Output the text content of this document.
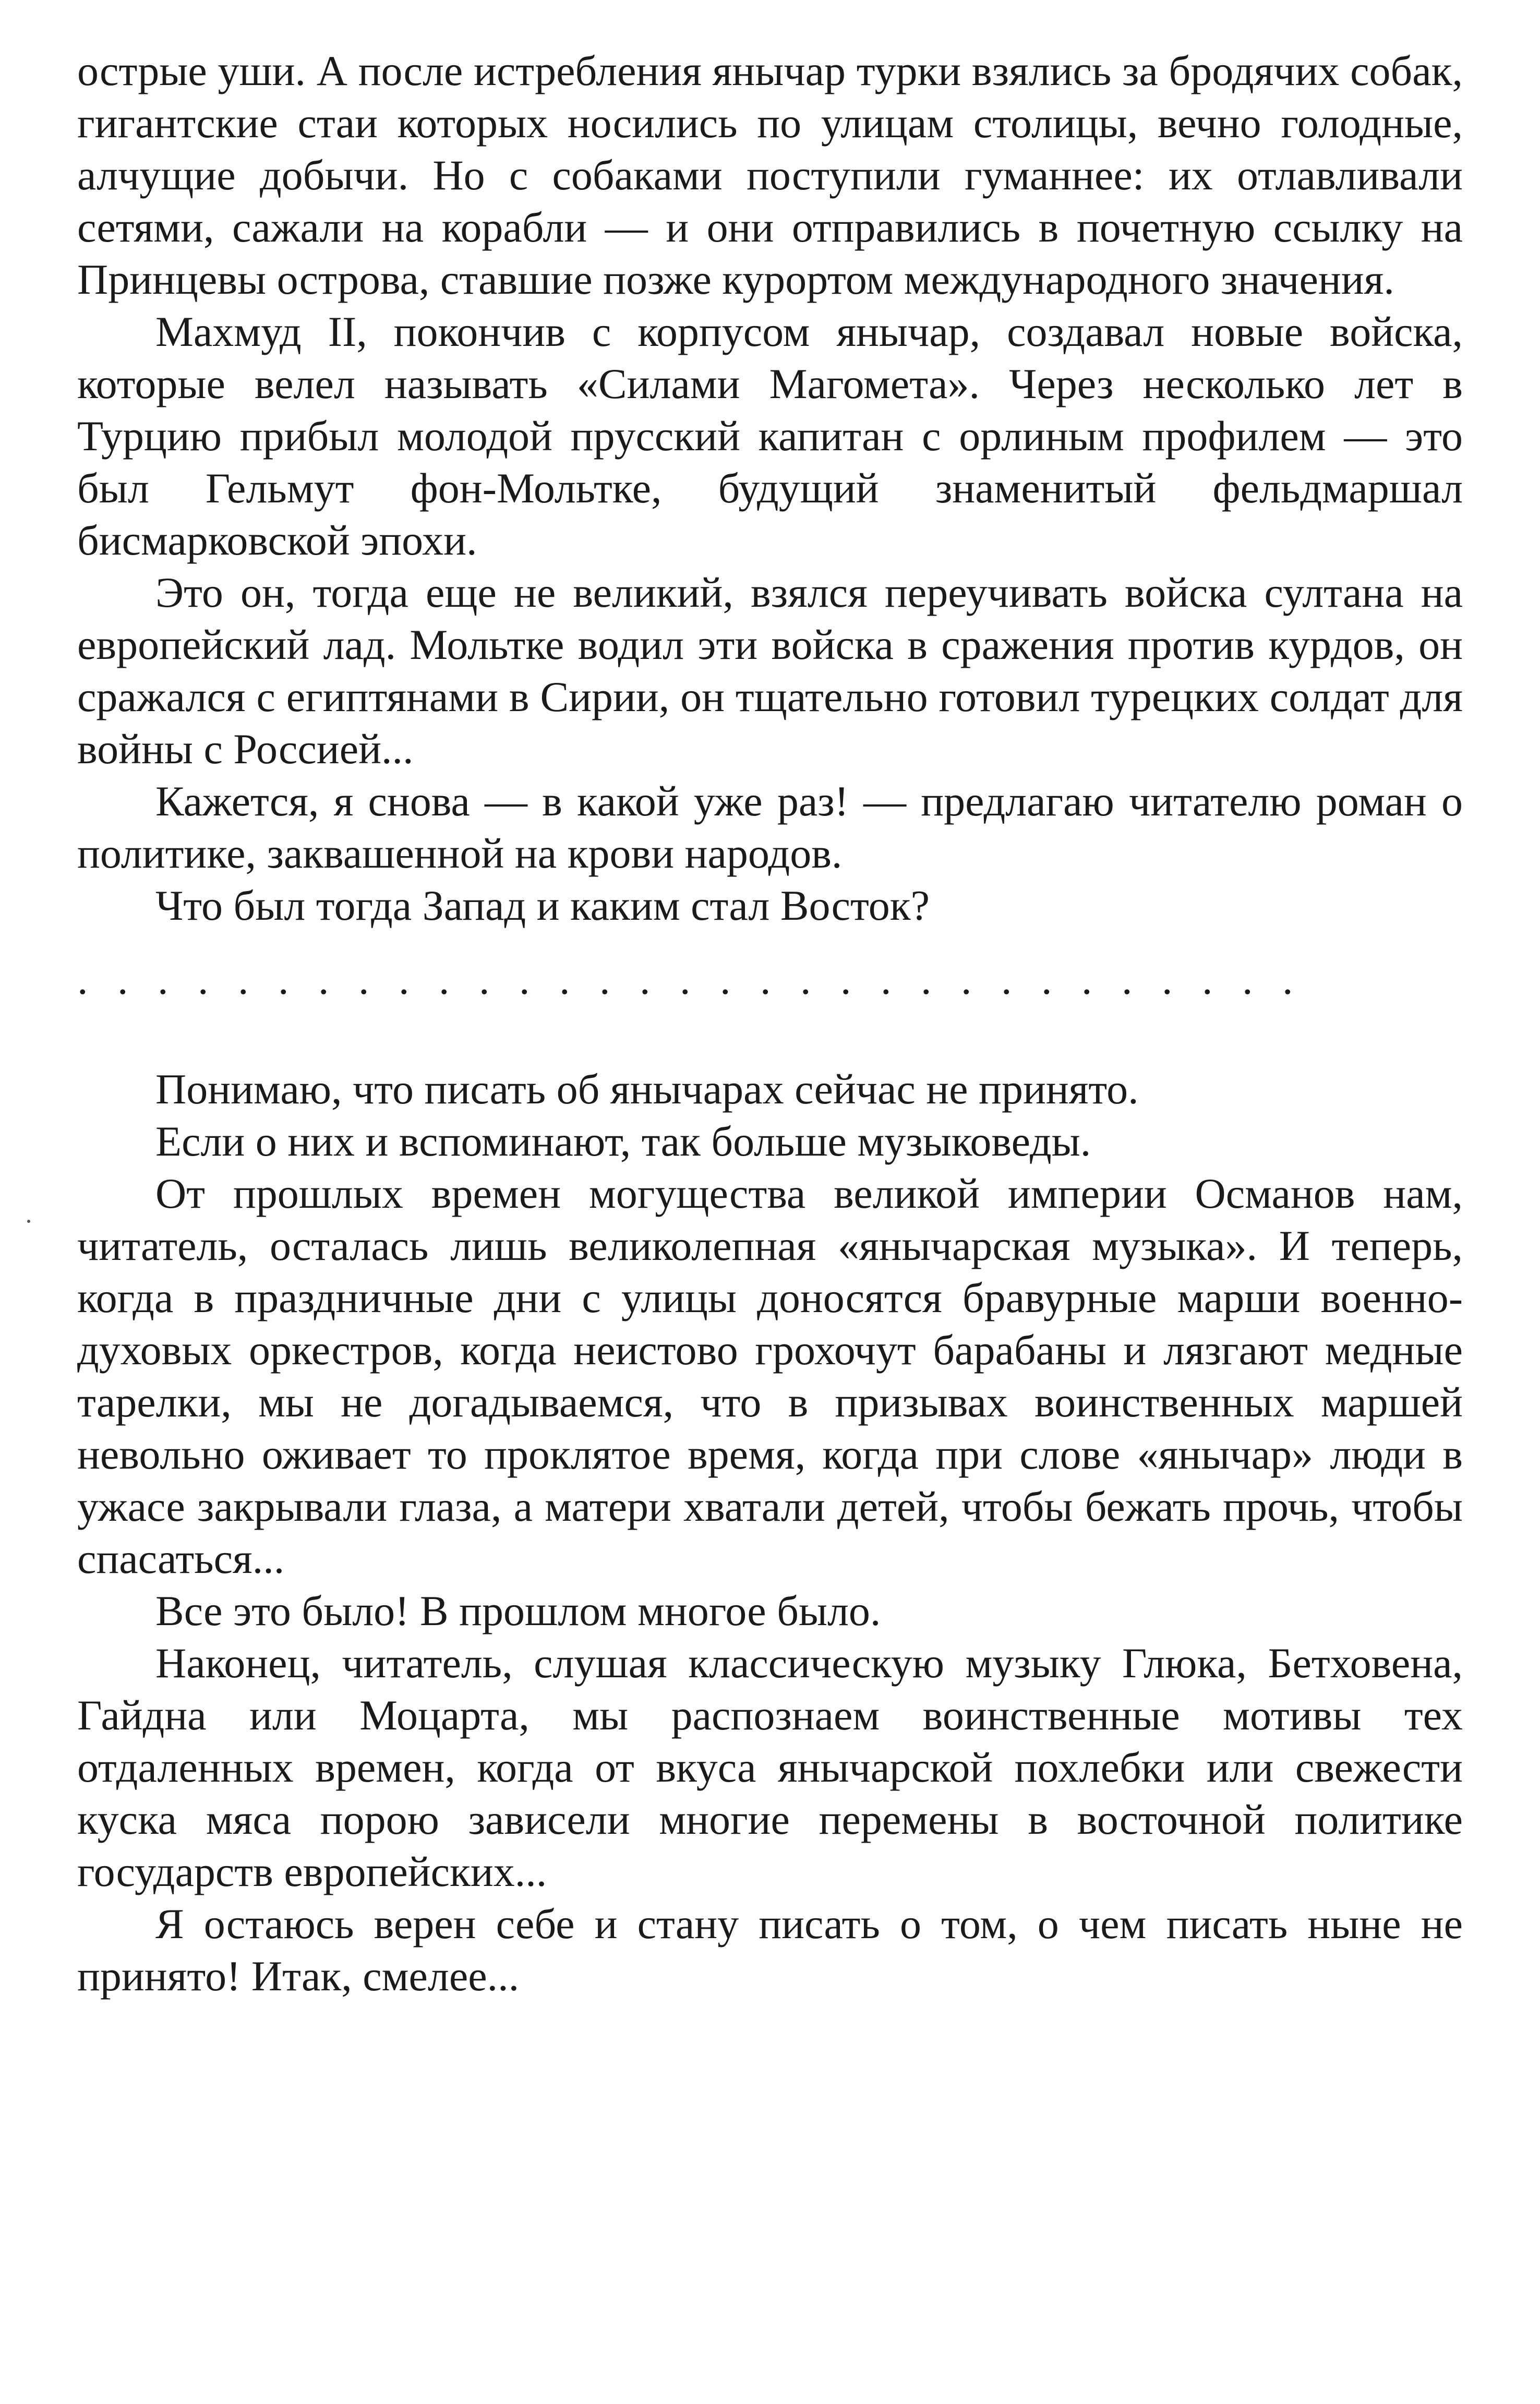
острые уши. А после истребления янычар турки взялись за бродячих собак, гигантские стаи которых носились по улицам столицы, вечно голодные, алчущие добычи. Но с собаками поступили гуманнее: их отлавливали сетями, сажали на корабли — и они отправились в почетную ссылку на Принцевы острова, ставшие позже курортом международного значения.

Махмуд II, покончив с корпусом янычар, создавал новые войска, которые велел называть «Силами Магомета». Через несколько лет в Турцию прибыл молодой прусский капитан с орлиным профилем — это был Гельмут фон-Мольтке, будущий знаменитый фельдмаршал бисмарковской эпохи.

Это он, тогда еще не великий, взялся переучивать войска султана на европейский лад. Мольтке водил эти войска в сражения против курдов, он сражался с египтянами в Сирии, он тщательно готовил турецких солдат для войны с Россией...

Кажется, я снова — в какой уже раз! — предлагаю читателю роман о политике, заквашенной на крови народов.

Что был тогда Запад и каким стал Восток?

...............................

Понимаю, что писать об янычарах сейчас не принято.

Если о них и вспоминают, так больше музыковеды.

От прошлых времен могущества великой империи Османов нам, читатель, осталась лишь великолепная «янычарская музыка». И теперь, когда в праздничные дни с улицы доносятся бравурные марши военно-духовых оркестров, когда неистово грохочут барабаны и лязгают медные тарелки, мы не догадываемся, что в призывах воинственных маршей невольно оживает то проклятое время, когда при слове «янычар» люди в ужасе закрывали глаза, а матери хватали детей, чтобы бежать прочь, чтобы спасаться...

Все это было! В прошлом многое было.

Наконец, читатель, слушая классическую музыку Глюка, Бетховена, Гайдна или Моцарта, мы распознаем воинственные мотивы тех отдаленных времен, когда от вкуса янычарской похлебки или свежести куска мяса порою зависели многие перемены в восточной политике государств европейских...

Я остаюсь верен себе и стану писать о том, о чем писать ныне не принято! Итак, смелее...
